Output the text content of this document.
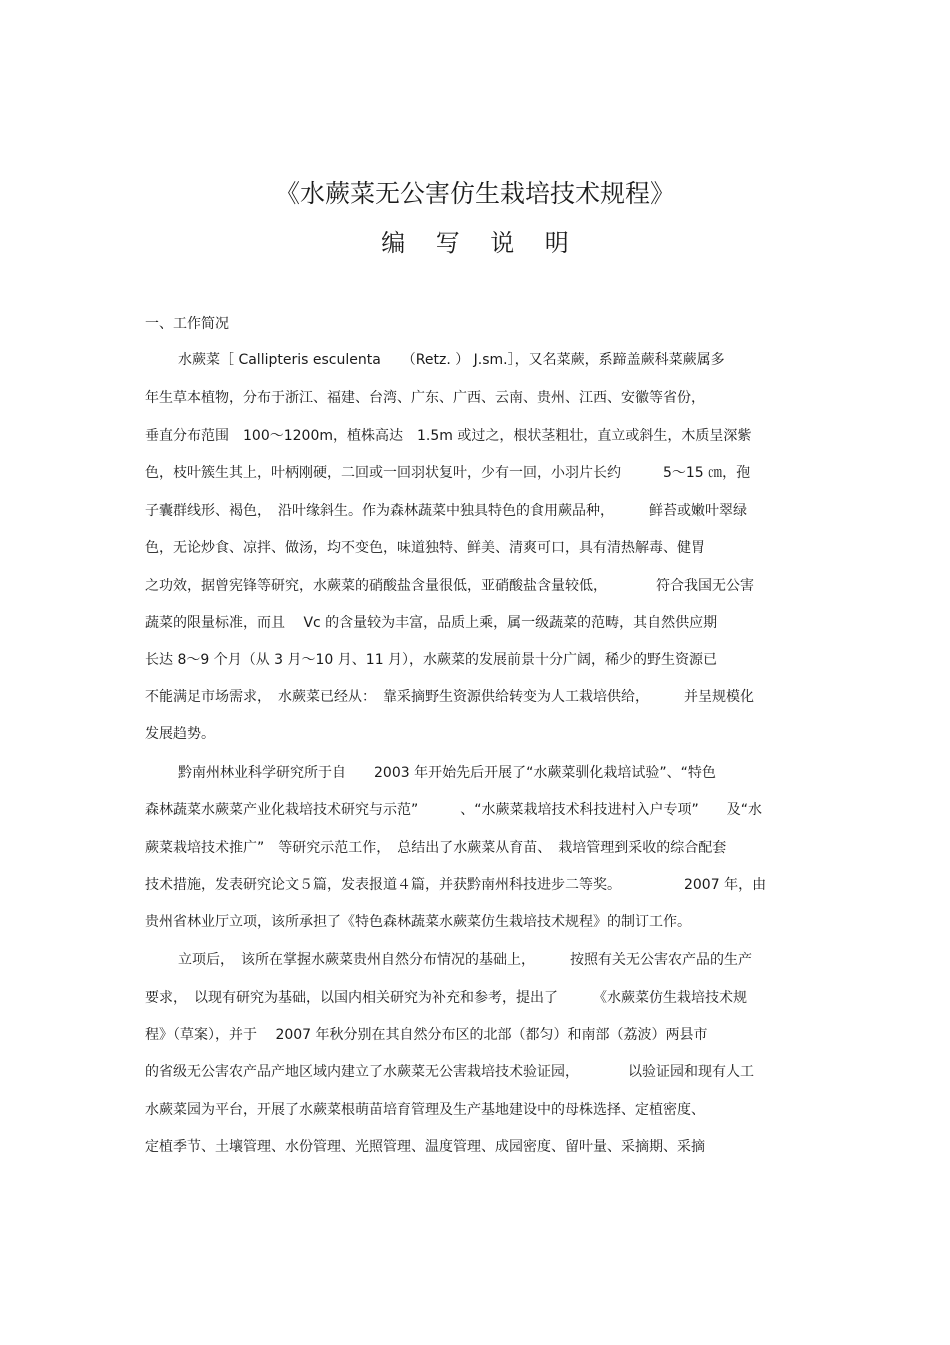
《水蕨菜无公害仿生栽培技术规程》
编    写    说    明
一、工作简况
水蕨菜［ Callipteris esculenta　　（Retz. ） J.sm.］，又名菜蕨，系蹄盖蕨科菜蕨属多
年生草本植物，分布于浙江、福建、台湾、广东、广西、云南、贵州、江西、安徽等省份，
垂直分布范围　100～1200m，植株高达　1.5m 或过之，根状茎粗壮，直立或斜生，木质呈深紫
色，枝叶簇生其上，叶柄刚硬，二回或一回羽状复叶，少有一回，小羽片长约　　　5～15 ㎝，孢
子囊群线形、褐色，　沿叶缘斜生。作为森林蔬菜中独具特色的食用蕨品种，　　　鲜苔或嫩叶翠绿
色，无论炒食、凉拌、做汤，均不变色，味道独特、鲜美、清爽可口，具有清热解毒、健胃
之功效，据曾宪锋等研究，水蕨菜的硝酸盐含量很低，亚硝酸盐含量较低，　　　　符合我国无公害
蔬菜的限量标准，而且　 Vc 的含量较为丰富，品质上乘，属一级蔬菜的范畴，其自然供应期
长达 8～9 个月（从 3 月～10 月、11 月），水蕨菜的发展前景十分广阔，稀少的野生资源已
不能满足市场需求，　水蕨菜已经从：　靠采摘野生资源供给转变为人工栽培供给，　　　并呈规模化
发展趋势。
黔南州林业科学研究所于自　　2003 年开始先后开展了“水蕨菜驯化栽培试验”、“特色
森林蔬菜水蕨菜产业化栽培技术研究与示范”　　　、“水蕨菜栽培技术科技进村入户专项”　　及“水
蕨菜栽培技术推广”　等研究示范工作，　总结出了水蕨菜从育苗、　栽培管理到采收的综合配套
技术措施，发表研究论文５篇，发表报道４篇，并获黔南州科技进步二等奖。　　　　　2007 年，由
贵州省林业厅立项，该所承担了《特色森林蔬菜水蕨菜仿生栽培技术规程》的制订工作。
立项后，　该所在掌握水蕨菜贵州自然分布情况的基础上，　　　按照有关无公害农产品的生产
要求，　以现有研究为基础，以国内相关研究为补充和参考，提出了　　　《水蕨菜仿生栽培技术规
程》（草案），并于　 2007 年秋分别在其自然分布区的北部（都匀）和南部（荔波）两县市
的省级无公害农产品产地区域内建立了水蕨菜无公害栽培技术验证园，　　　　以验证园和现有人工
水蕨菜园为平台，开展了水蕨菜根萌苗培育管理及生产基地建设中的母株选择、定植密度、
定植季节、土壤管理、水份管理、光照管理、温度管理、成园密度、留叶量、采摘期、采摘
